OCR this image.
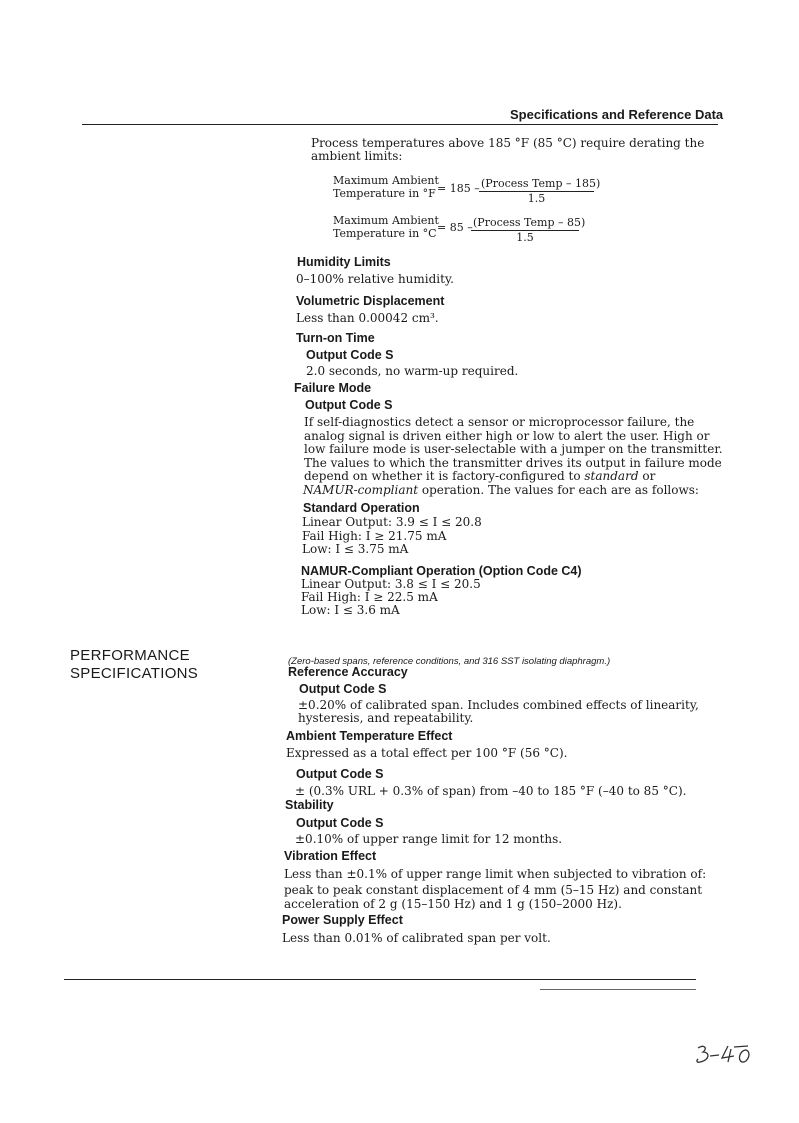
Specifications and Reference Data
Process temperatures above 185 °F (85 °C) require derating the
ambient limits:
Maximum Ambient
Temperature in °F = 185 – (Process Temp – 185)
1.5
Maximum Ambient
Temperature in °C = 85 – (Process Temp – 85)
1.5
Humidity Limits
0–100% relative humidity.
Volumetric Displacement
Less than 0.00042 cm³.
Turn-on Time
Output Code S
2.0 seconds, no warm-up required.
Failure Mode
Output Code S
If self-diagnostics detect a sensor or microprocessor failure, the
analog signal is driven either high or low to alert the user. High or
low failure mode is user-selectable with a jumper on the transmitter.
The values to which the transmitter drives its output in failure mode
depend on whether it is factory-configured to standard or
NAMUR-compliant operation. The values for each are as follows:
Standard Operation
Linear Output: 3.9 ≤ I ≤ 20.8
Fail High: I ≥ 21.75 mA
Low: I ≤ 3.75 mA
NAMUR-Compliant Operation (Option Code C4)
Linear Output: 3.8 ≤ I ≤ 20.5
Fail High: I ≥ 22.5 mA
Low: I ≤ 3.6 mA
PERFORMANCE
SPECIFICATIONS
(Zero-based spans, reference conditions, and 316 SST isolating diaphragm.)
Reference Accuracy
Output Code S
±0.20% of calibrated span. Includes combined effects of linearity,
hysteresis, and repeatability.
Ambient Temperature Effect
Expressed as a total effect per 100 °F (56 °C).
Output Code S
± (0.3% URL + 0.3% of span) from –40 to 185 °F (–40 to 85 °C).
Stability
Output Code S
±0.10% of upper range limit for 12 months.
Vibration Effect
Less than ±0.1% of upper range limit when subjected to vibration of:
peak to peak constant displacement of 4 mm (5–15 Hz) and constant
acceleration of 2 g (15–150 Hz) and 1 g (150–2000 Hz).
Power Supply Effect
Less than 0.01% of calibrated span per volt.
